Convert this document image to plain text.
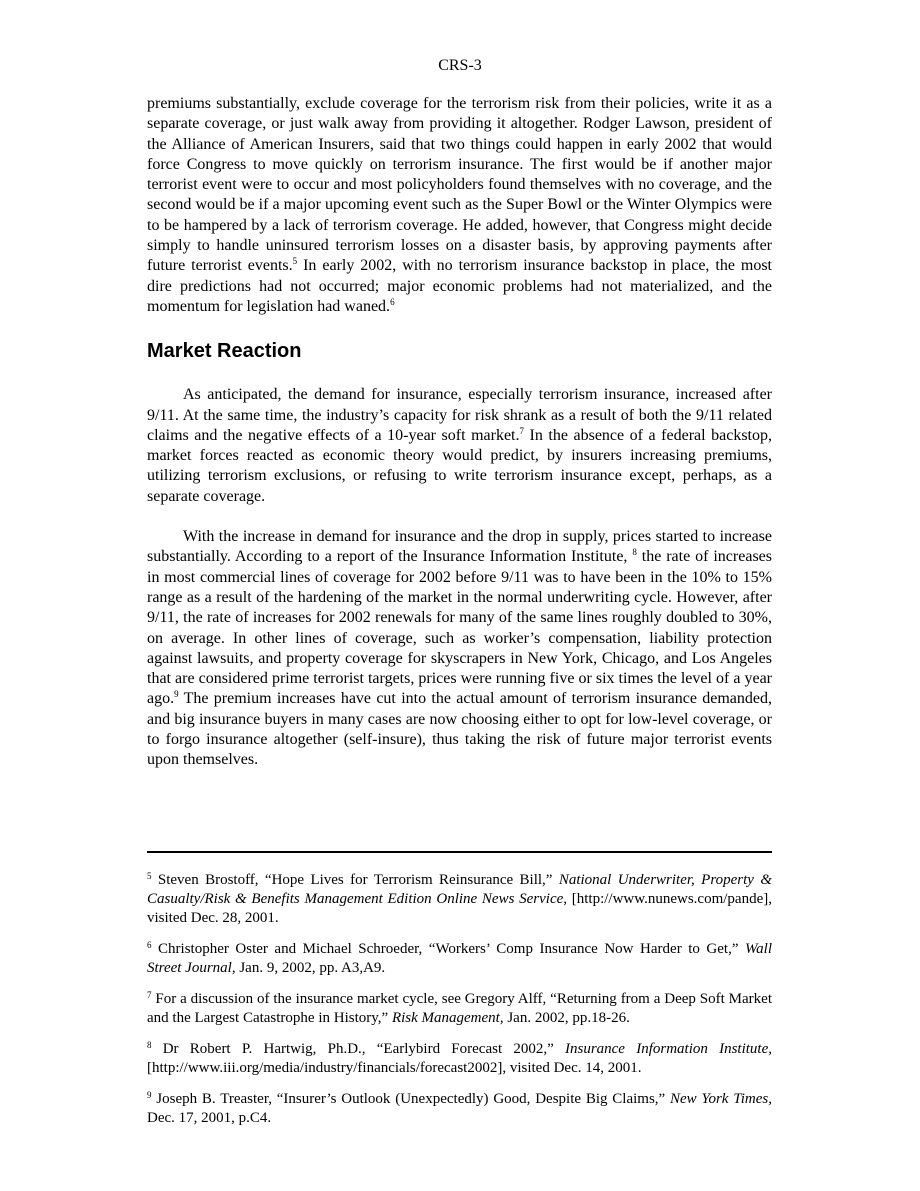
CRS-3

premiums substantially, exclude coverage for the terrorism risk from their policies, write it as a separate coverage, or just walk away from providing it altogether. Rodger Lawson, president of the Alliance of American Insurers, said that two things could happen in early 2002 that would force Congress to move quickly on terrorism insurance. The first would be if another major terrorist event were to occur and most policyholders found themselves with no coverage, and the second would be if a major upcoming event such as the Super Bowl or the Winter Olympics were to be hampered by a lack of terrorism coverage. He added, however, that Congress might decide simply to handle uninsured terrorism losses on a disaster basis, by approving payments after future terrorist events.$^5$ In early 2002, with no terrorism insurance backstop in place, the most dire predictions had not occurred; major economic problems had not materialized, and the momentum for legislation had waned.$^6$

Market Reaction

As anticipated, the demand for insurance, especially terrorism insurance, increased after 9/11. At the same time, the industry’s capacity for risk shrank as a result of both the 9/11 related claims and the negative effects of a 10-year soft market.$^7$ In the absence of a federal backstop, market forces reacted as economic theory would predict, by insurers increasing premiums, utilizing terrorism exclusions, or refusing to write terrorism insurance except, perhaps, as a separate coverage.

With the increase in demand for insurance and the drop in supply, prices started to increase substantially. According to a report of the Insurance Information Institute, $^8$ the rate of increases in most commercial lines of coverage for 2002 before 9/11 was to have been in the 10% to 15% range as a result of the hardening of the market in the normal underwriting cycle. However, after 9/11, the rate of increases for 2002 renewals for many of the same lines roughly doubled to 30%, on average. In other lines of coverage, such as worker’s compensation, liability protection against lawsuits, and property coverage for skyscrapers in New York, Chicago, and Los Angeles that are considered prime terrorist targets, prices were running five or six times the level of a year ago.$^9$ The premium increases have cut into the actual amount of terrorism insurance demanded, and big insurance buyers in many cases are now choosing either to opt for low-level coverage, or to forgo insurance altogether (self-insure), thus taking the risk of future major terrorist events upon themselves.

$^5$ Steven Brostoff, “Hope Lives for Terrorism Reinsurance Bill,” National Underwriter, Property & Casualty/Risk & Benefits Management Edition Online News Service, [http://www.nunews.com/pande], visited Dec. 28, 2001.

$^6$ Christopher Oster and Michael Schroeder, “Workers’ Comp Insurance Now Harder to Get,” Wall Street Journal, Jan. 9, 2002, pp. A3,A9.

$^7$ For a discussion of the insurance market cycle, see Gregory Alff, “Returning from a Deep Soft Market and the Largest Catastrophe in History,” Risk Management, Jan. 2002, pp.18-26.

$^8$ Dr Robert P. Hartwig, Ph.D., “Earlybird Forecast 2002,” Insurance Information Institute, [http://www.iii.org/media/industry/financials/forecast2002], visited Dec. 14, 2001.

$^9$ Joseph B. Treaster, “Insurer’s Outlook (Unexpectedly) Good, Despite Big Claims,” New York Times, Dec. 17, 2001, p.C4.
